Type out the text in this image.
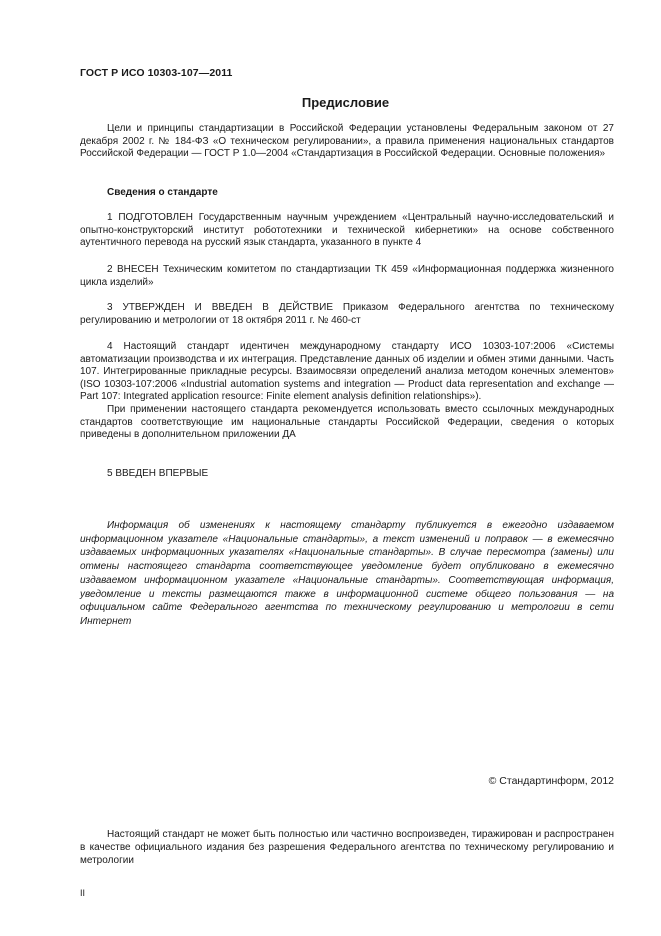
ГОСТ Р ИСО 10303-107—2011
Предисловие

Цели и принципы стандартизации в Российской Федерации установлены Федеральным законом от 27 декабря 2002 г. № 184-ФЗ «О техническом регулировании», а правила применения национальных стандартов Российской Федерации — ГОСТ Р 1.0—2004 «Стандартизация в Российской Федерации. Основные положения»

Сведения о стандарте

1 ПОДГОТОВЛЕН Государственным научным учреждением «Центральный научно-исследовательский и опытно-конструкторский институт робототехники и технической кибернетики» на основе собственного аутентичного перевода на русский язык стандарта, указанного в пункте 4

2 ВНЕСЕН Техническим комитетом по стандартизации ТК 459 «Информационная поддержка жизненного цикла изделий»

3 УТВЕРЖДЕН И ВВЕДЕН В ДЕЙСТВИЕ Приказом Федерального агентства по техническому регулированию и метрологии от 18 октября 2011 г. № 460-ст

4 Настоящий стандарт идентичен международному стандарту ИСО 10303-107:2006 «Системы автоматизации производства и их интеграция. Представление данных об изделии и обмен этими данными. Часть 107. Интегрированные прикладные ресурсы. Взаимосвязи определений анализа методом конечных элементов» (ISO 10303-107:2006 «Industrial automation systems and integration — Product data representation and exchange — Part 107: Integrated application resource: Finite element analysis definition relationships»).

При применении настоящего стандарта рекомендуется использовать вместо ссылочных международных стандартов соответствующие им национальные стандарты Российской Федерации, сведения о которых приведены в дополнительном приложении ДА

5 ВВЕДЕН ВПЕРВЫЕ

Информация об изменениях к настоящему стандарту публикуется в ежегодно издаваемом информационном указателе «Национальные стандарты», а текст изменений и поправок — в ежемесячно издаваемых информационных указателях «Национальные стандарты». В случае пересмотра (замены) или отмены настоящего стандарта соответствующее уведомление будет опубликовано в ежемесячно издаваемом информационном указателе «Национальные стандарты». Соответствующая информация, уведомление и тексты размещаются также в информационной системе общего пользования — на официальном сайте Федерального агентства по техническому регулированию и метрологии в сети Интернет

© Стандартинформ, 2012

Настоящий стандарт не может быть полностью или частично воспроизведен, тиражирован и распространен в качестве официального издания без разрешения Федерального агентства по техническому регулированию и метрологии

II
